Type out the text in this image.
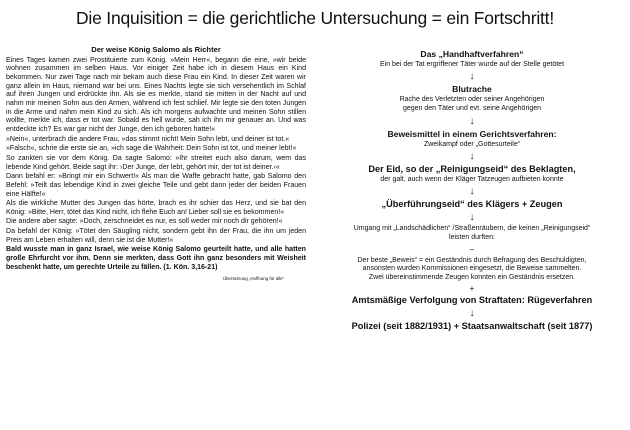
Die Inquisition = die gerichtliche Untersuchung = ein Fortschritt!
Der weise König Salomo als Richter
Eines Tages kamen zwei Prostituierte zum König. »Mein Herr«, begann die eine, »wir beide wohnen zusammen im selben Haus. Vor einiger Zeit habe ich in diesem Haus ein Kind bekommen. Nur zwei Tage nach mir bekam auch diese Frau ein Kind. In dieser Zeit waren wir ganz allein im Haus, niemand war bei uns. Eines Nachts legte sie sich versehentlich im Schlaf auf ihren Jungen und erdrückte ihn. Als sie es merkte, stand sie mitten in der Nacht auf und nahm mir meinen Sohn aus den Armen, während ich fest schlief. Mir legte sie den toten Jungen in die Arme und nahm mein Kind zu sich. Als ich morgens aufwachte und meinen Sohn stillen wollte, merkte ich, dass er tot war. Sobald es hell wurde, sah ich ihn mir genauer an. Und was entdeckte ich? Es war gar nicht der Junge, den ich geboren hatte!«
»Nein«, unterbrach die andere Frau, »das stimmt nicht! Mein Sohn lebt, und deiner ist tot.«
»Falsch«, schrie die erste sie an, »ich sage die Wahrheit: Dein Sohn ist tot, und meiner lebt!«
So zankten sie vor dem König. Da sagte Salomo: »Ihr streitet euch also darum, wem das lebende Kind gehört. Beide sagt ihr: ›Der Junge, der lebt, gehört mir, der tot ist deiner.‹«
Dann befahl er: »Bringt mir ein Schwert!« Als man die Waffe gebracht hatte, gab Salomo den Befehl: »Teilt das lebendige Kind in zwei gleiche Teile und gebt dann jeder der beiden Frauen eine Hälfte!«
Als die wirkliche Mutter des Jungen das hörte, brach es ihr schier das Herz, und sie bat den König: »Bitte, Herr, tötet das Kind nicht, ich flehe Euch an! Lieber soll sie es bekommen!«
Die andere aber sagte: »Doch, zerschneidet es nur, es soll weder mir noch dir gehören!«
Da befahl der König: »Tötet den Säugling nicht, sondern gebt ihn der Frau, die ihn um jeden Preis am Leben erhalten will, denn sie ist die Mutter!«
Bald wusste man in ganz Israel, wie weise König Salomo geurteilt hatte, und alle hatten große Ehrfurcht vor ihm. Denn sie merkten, dass Gott ihn ganz besonders mit Weisheit beschenkt hatte, um gerechte Urteile zu fällen. (1. Kön. 3,16-21)
Übersetzung „Hoffnung für alle“
Das „Handhaftverfahren“
Ein bei der Tat ergriffener Täter wurde auf der Stelle getötet
↓
Blutrache
Rache des Verletzten oder seiner Angehörigen
gegen den Täter und evt. seine Angehörigen
↓
Beweismittel in einem Gerichtsverfahren:
Zweikampf oder „Gottesurteile“
↓
Der Eid, so der „Reinigungseid“ des Beklagten,
der galt, auch wenn der Kläger Tatzeugen aufbieten konnte
↓
„Überführungseid“ des Klägers + Zeugen
↓
Umgang mit „Landschädlichen“ /Straßenräubern, die keinen „Reinigungseid“
leisten durften:
–
Der beste „Beweis“ = ein Geständnis durch Befragung des Beschuldigten,
ansonsten wurden Kommissionen eingesetzt, die Beweise sammelten.
Zwei übereinstimmende Zeugen konnten ein Geständnis ersetzen.
+
Amtsmäßige Verfolgung von Straftaten: Rügeverfahren
↓
Polizei (seit 1882/1931) + Staatsanwaltschaft (seit 1877)
